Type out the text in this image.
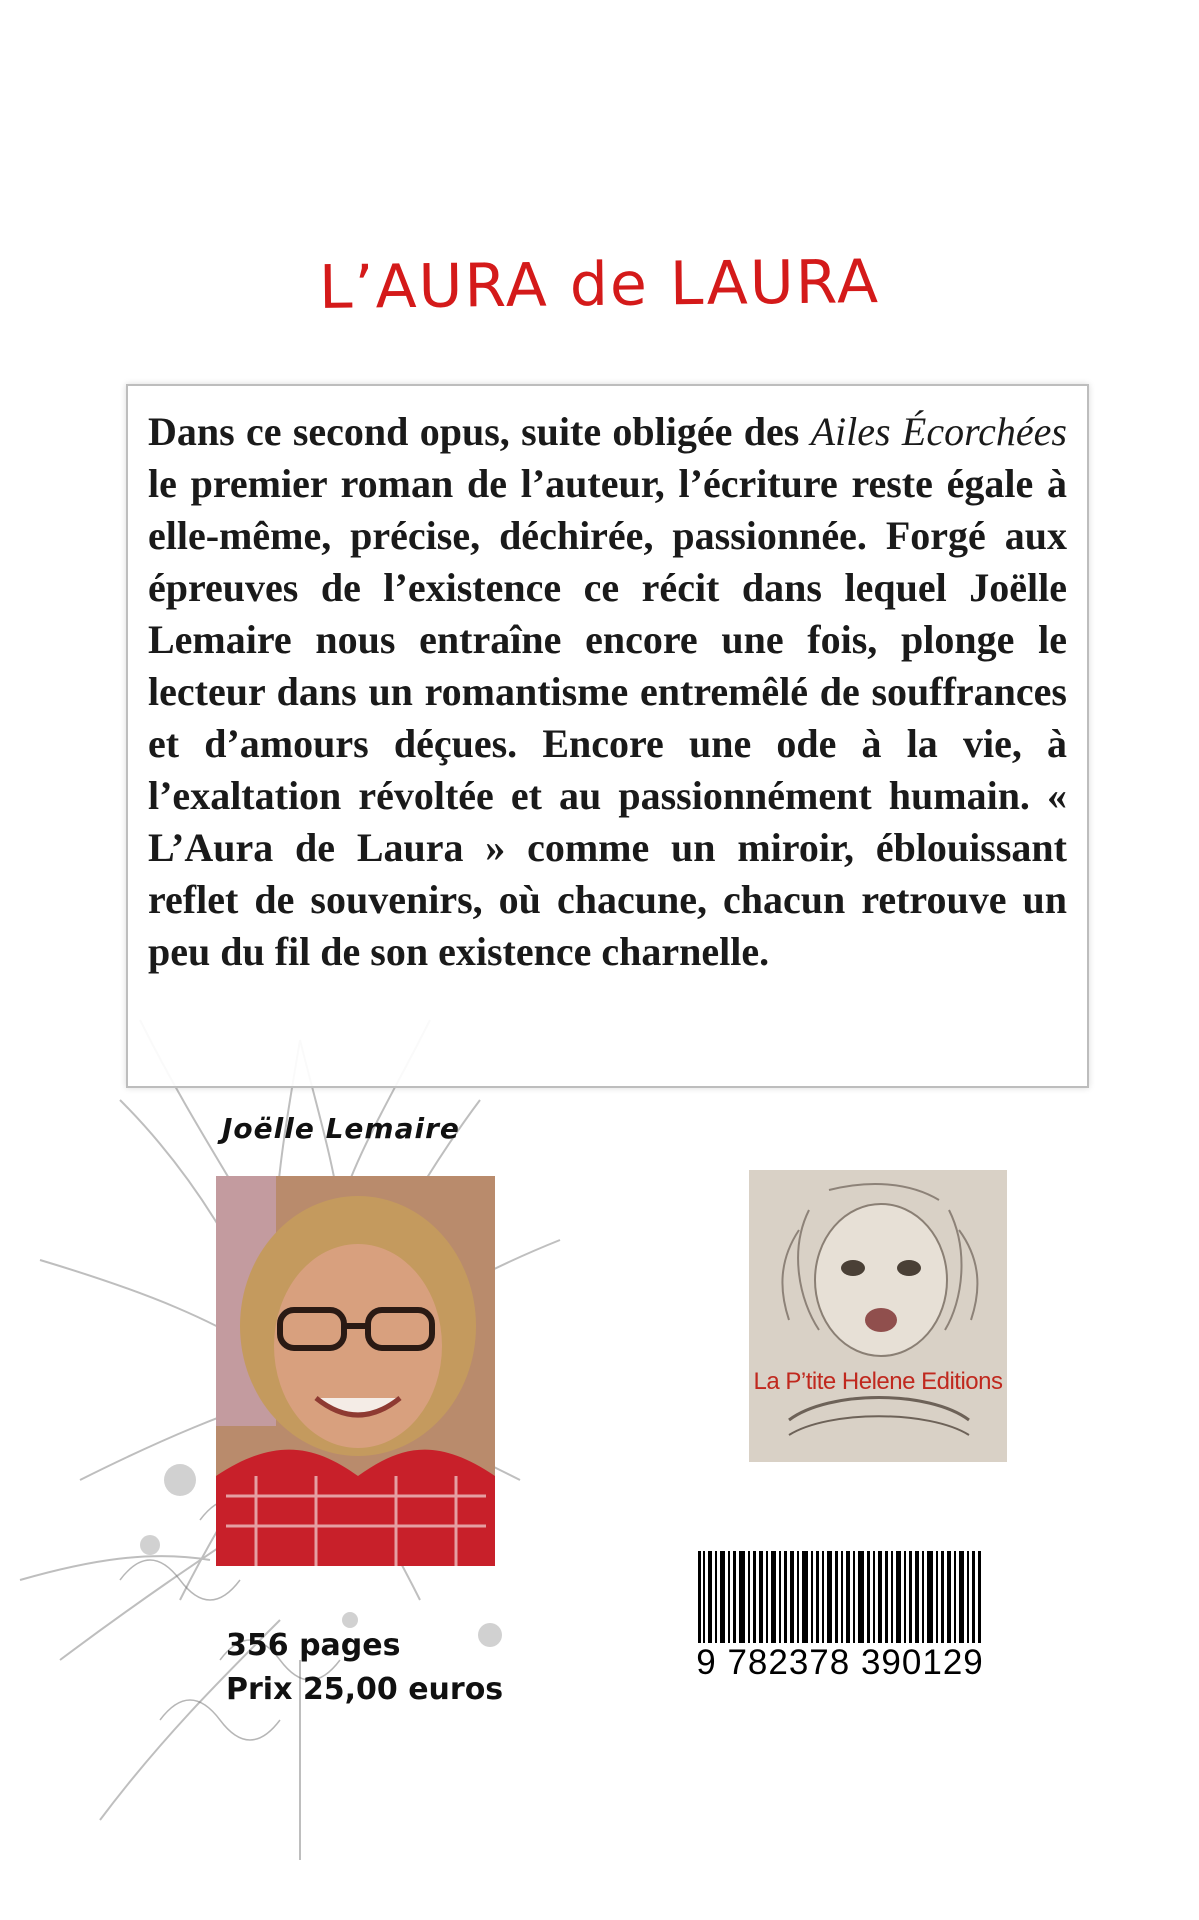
L’AURA de LAURA

Dans ce second opus, suite obligée des Ailes Écorchées le premier roman de l’auteur, l’écriture reste égale à elle-même, précise, déchirée, passionnée. Forgé aux épreuves de l’existence ce récit dans lequel Joëlle Lemaire nous entraîne encore une fois, plonge le lecteur dans un romantisme entremêlé de souffrances et d’amours déçues. Encore une ode à la vie, à l’exaltation révoltée et au passionnément humain. « L’Aura de Laura » comme un miroir, éblouissant reflet de souvenirs, où chacune, chacun retrouve un peu du fil de son existence charnelle.

Joëlle Lemaire
La P’tite Helene Editions
9 782378 390129
356 pages
Prix 25,00 euros
